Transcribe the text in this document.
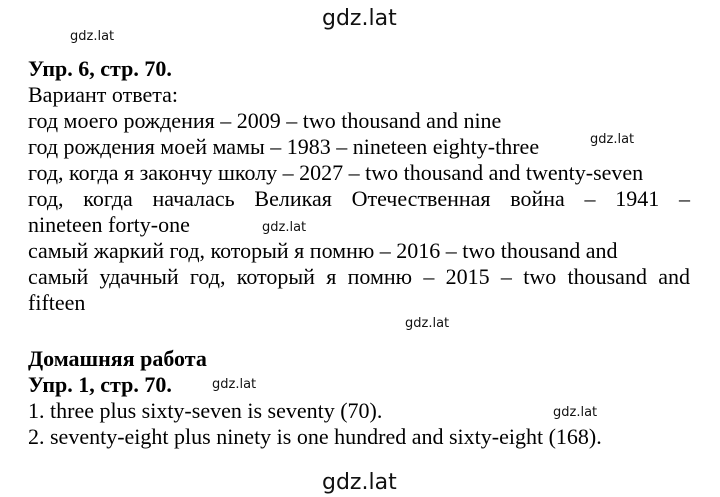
gdz.lat
gdz.lat
gdz.lat
gdz.lat
gdz.lat
gdz.lat
gdz.lat
gdz.lat
Упр. 6, стр. 70.
Вариант ответа:
год моего рождения – 2009 – two thousand and nine
год рождения моей мамы – 1983 – nineteen eighty-three
год, когда я закончу школу – 2027 – two thousand and twenty-seven
год, когда началась Великая Отечественная война – 1941 –
nineteen forty-one
самый жаркий год, который я помню – 2016 – two thousand and
самый удачный год, который я помню – 2015 – two thousand and
fifteen
Домашняя работа
Упр. 1, стр. 70.
1. three plus sixty-seven is seventy (70).
2. seventy-eight plus ninety is one hundred and sixty-eight (168).
